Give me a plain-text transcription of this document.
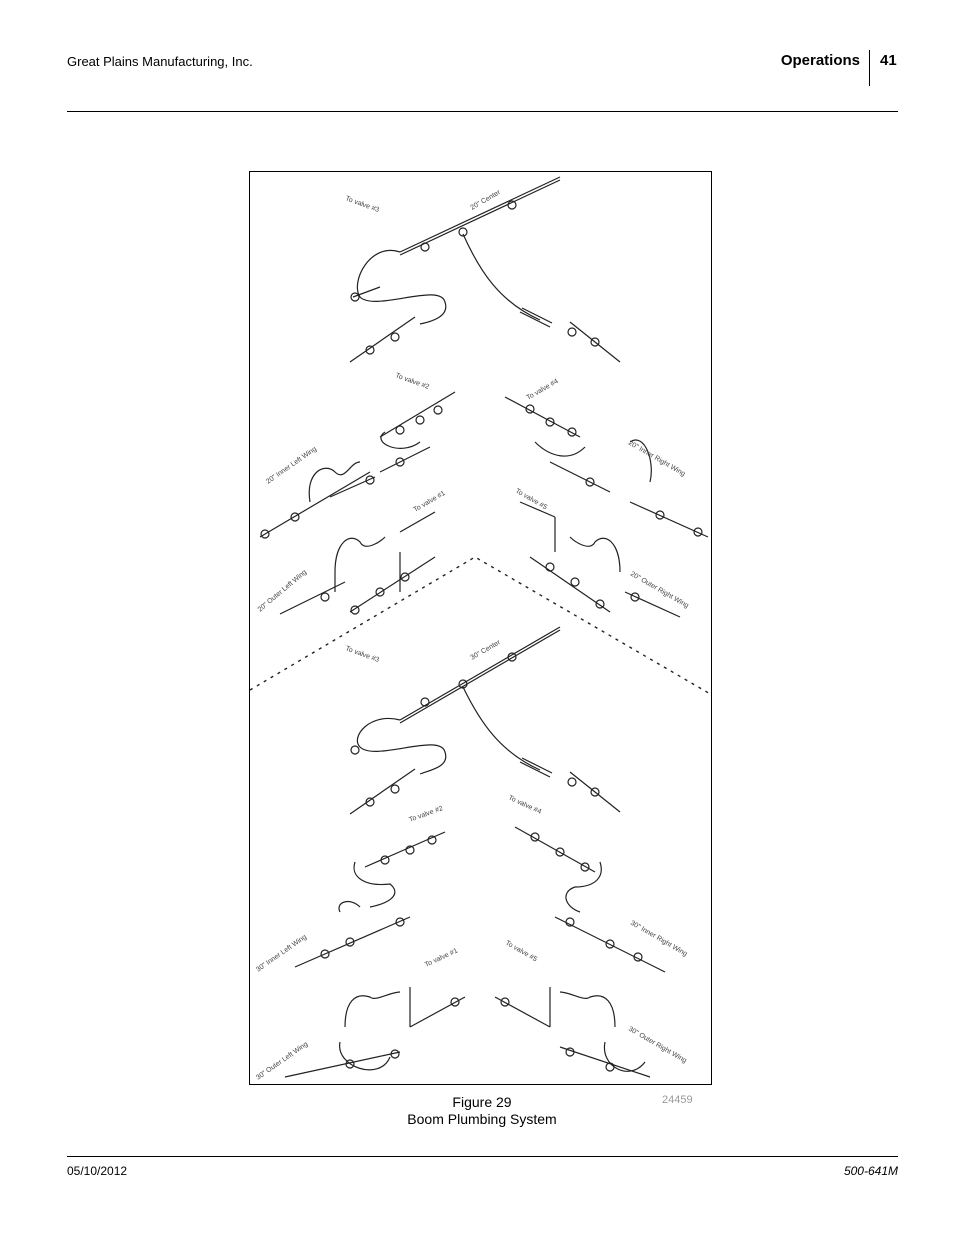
Great Plains Manufacturing, Inc.	Operations 41
20" Center
To valve #3
To valve #2	To valve #4
20" Inner Left Wing	20" Inner Right Wing
To valve #1	To valve #5
20" Outer Left Wing	20" Outer Right Wing
30" Center
To valve #3
To valve #2	To valve #4
30" Inner Left Wing	30" Inner Right Wing
To valve #1	To valve #5
30" Outer Left Wing	30" Outer Right Wing
Figure 29
Boom Plumbing System
24459
05/10/2012	500-641M
